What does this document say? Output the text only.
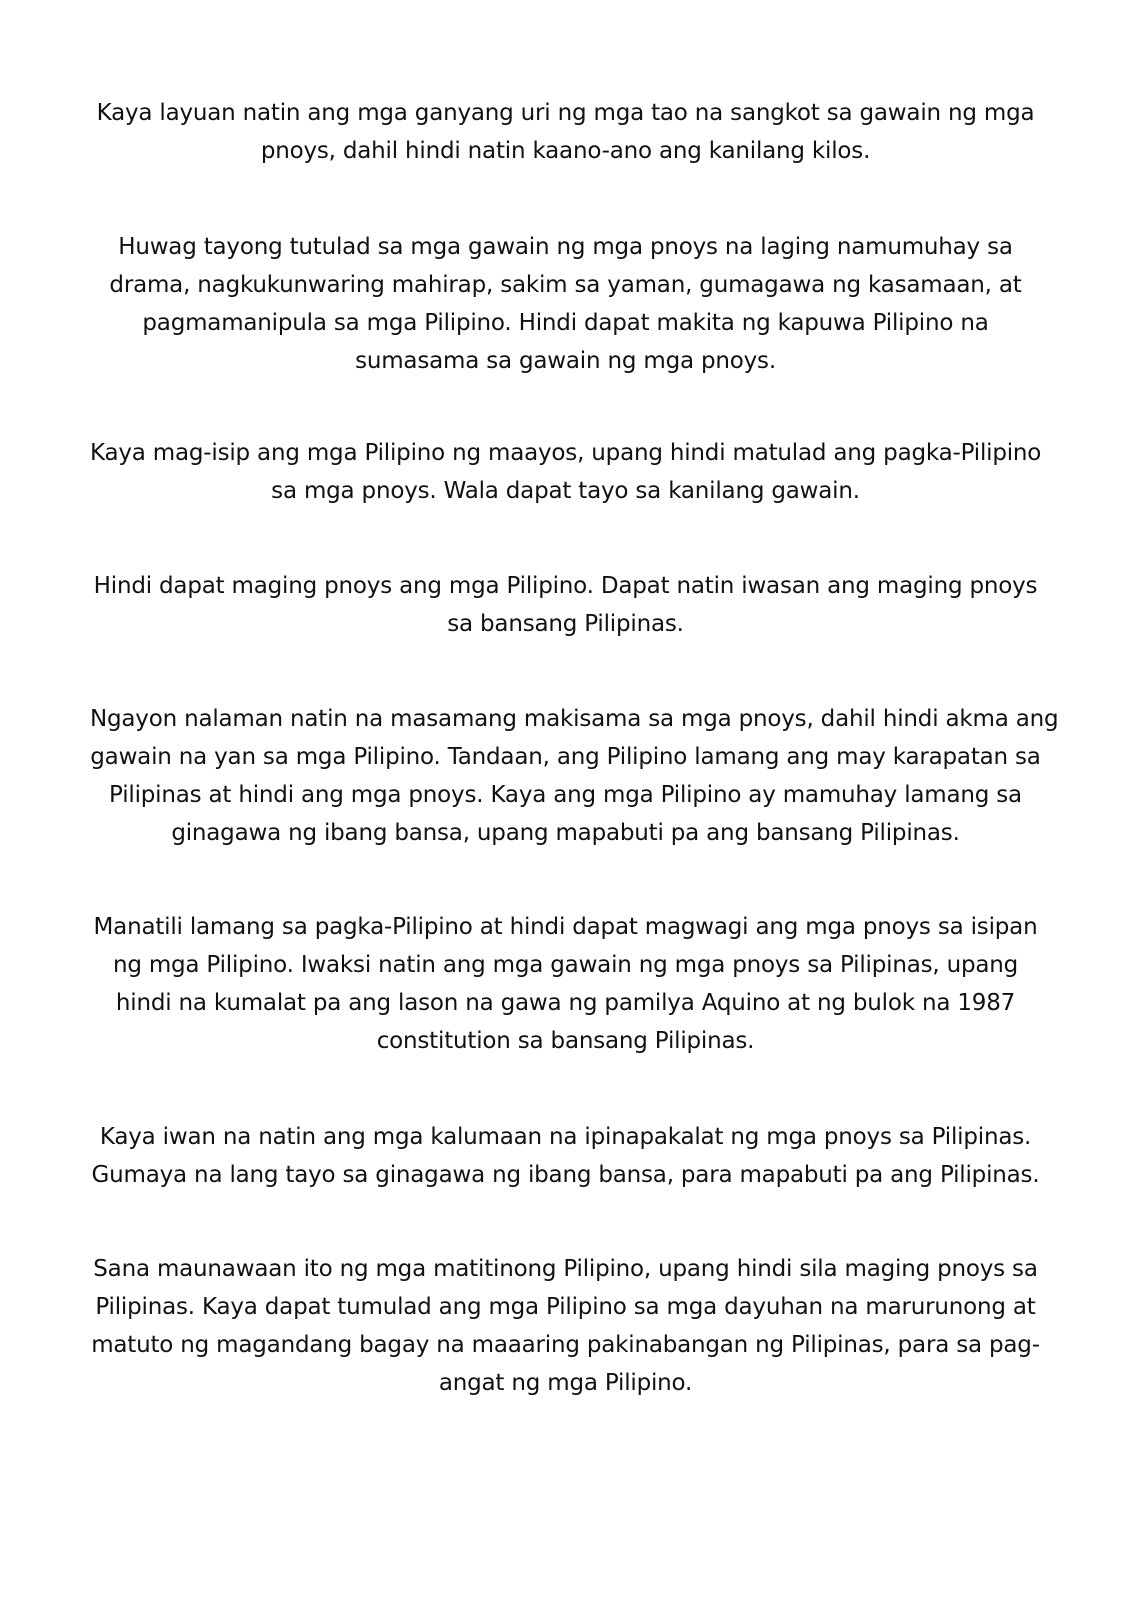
Kaya layuan natin ang mga ganyang uri ng mga tao na sangkot sa gawain ng mga
pnoys, dahil hindi natin kaano-ano ang kanilang kilos.

Huwag tayong tutulad sa mga gawain ng mga pnoys na laging namumuhay sa
drama, nagkukunwaring mahirap, sakim sa yaman, gumagawa ng kasamaan, at
pagmamanipula sa mga Pilipino. Hindi dapat makita ng kapuwa Pilipino na
sumasama sa gawain ng mga pnoys.

Kaya mag-isip ang mga Pilipino ng maayos, upang hindi matulad ang pagka-Pilipino
sa mga pnoys. Wala dapat tayo sa kanilang gawain.

Hindi dapat maging pnoys ang mga Pilipino. Dapat natin iwasan ang maging pnoys
sa bansang Pilipinas.

Ngayon nalaman natin na masamang makisama sa mga pnoys, dahil hindi akma ang
gawain na yan sa mga Pilipino. Tandaan, ang Pilipino lamang ang may karapatan sa
Pilipinas at hindi ang mga pnoys. Kaya ang mga Pilipino ay mamuhay lamang sa
ginagawa ng ibang bansa, upang mapabuti pa ang bansang Pilipinas.

Manatili lamang sa pagka-Pilipino at hindi dapat magwagi ang mga pnoys sa isipan
ng mga Pilipino. Iwaksi natin ang mga gawain ng mga pnoys sa Pilipinas, upang
hindi na kumalat pa ang lason na gawa ng pamilya Aquino at ng bulok na 1987
constitution sa bansang Pilipinas.

Kaya iwan na natin ang mga kalumaan na ipinapakalat ng mga pnoys sa Pilipinas.
Gumaya na lang tayo sa ginagawa ng ibang bansa, para mapabuti pa ang Pilipinas.

Sana maunawaan ito ng mga matitinong Pilipino, upang hindi sila maging pnoys sa
Pilipinas. Kaya dapat tumulad ang mga Pilipino sa mga dayuhan na marurunong at
matuto ng magandang bagay na maaaring pakinabangan ng Pilipinas, para sa pag-
angat ng mga Pilipino.
